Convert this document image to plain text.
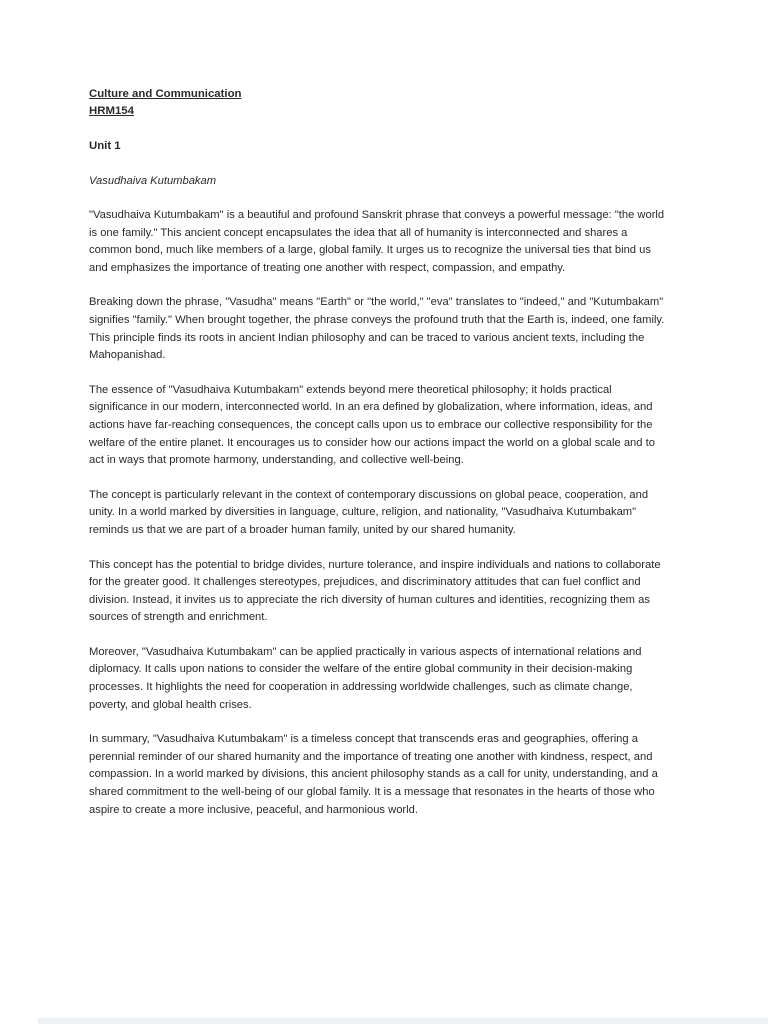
Culture and Communication

HRM154

Unit 1

Vasudhaiva Kutumbakam

"Vasudhaiva Kutumbakam" is a beautiful and profound Sanskrit phrase that conveys a powerful message: "the world is one family." This ancient concept encapsulates the idea that all of humanity is interconnected and shares a common bond, much like members of a large, global family. It urges us to recognize the universal ties that bind us and emphasizes the importance of treating one another with respect, compassion, and empathy.

Breaking down the phrase, "Vasudha" means "Earth" or "the world," "eva" translates to "indeed," and "Kutumbakam" signifies "family." When brought together, the phrase conveys the profound truth that the Earth is, indeed, one family. This principle finds its roots in ancient Indian philosophy and can be traced to various ancient texts, including the Mahopanishad.

The essence of "Vasudhaiva Kutumbakam" extends beyond mere theoretical philosophy; it holds practical significance in our modern, interconnected world. In an era defined by globalization, where information, ideas, and actions have far-reaching consequences, the concept calls upon us to embrace our collective responsibility for the welfare of the entire planet. It encourages us to consider how our actions impact the world on a global scale and to act in ways that promote harmony, understanding, and collective well-being.

The concept is particularly relevant in the context of contemporary discussions on global peace, cooperation, and unity. In a world marked by diversities in language, culture, religion, and nationality, "Vasudhaiva Kutumbakam" reminds us that we are part of a broader human family, united by our shared humanity.

This concept has the potential to bridge divides, nurture tolerance, and inspire individuals and nations to collaborate for the greater good. It challenges stereotypes, prejudices, and discriminatory attitudes that can fuel conflict and division. Instead, it invites us to appreciate the rich diversity of human cultures and identities, recognizing them as sources of strength and enrichment.

Moreover, "Vasudhaiva Kutumbakam" can be applied practically in various aspects of international relations and diplomacy. It calls upon nations to consider the welfare of the entire global community in their decision-making processes. It highlights the need for cooperation in addressing worldwide challenges, such as climate change, poverty, and global health crises.

In summary, "Vasudhaiva Kutumbakam" is a timeless concept that transcends eras and geographies, offering a perennial reminder of our shared humanity and the importance of treating one another with kindness, respect, and compassion. In a world marked by divisions, this ancient philosophy stands as a call for unity, understanding, and a shared commitment to the well-being of our global family. It is a message that resonates in the hearts of those who aspire to create a more inclusive, peaceful, and harmonious world.
